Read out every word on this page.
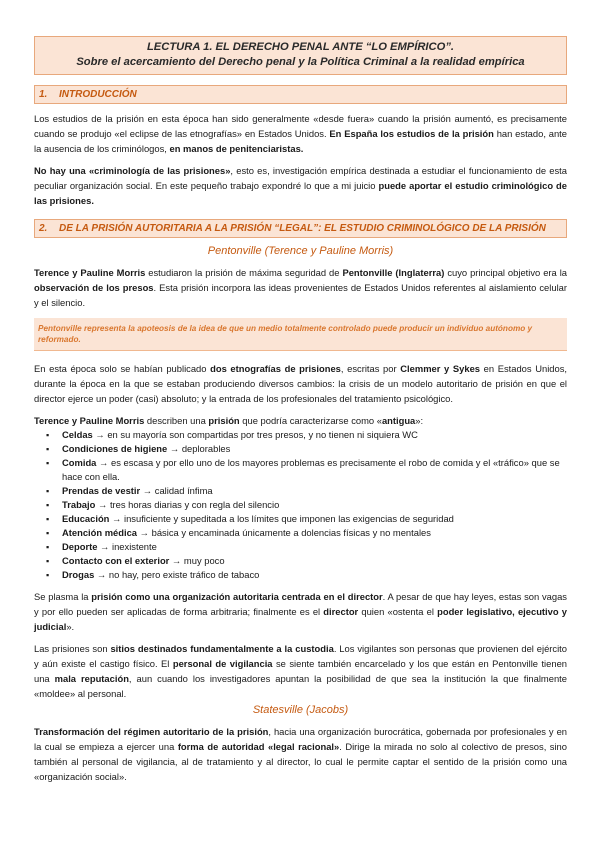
LECTURA 1. EL DERECHO PENAL ANTE “LO EMPÍRICO”.
Sobre el acercamiento del Derecho penal y la Política Criminal a la realidad empírica
1. INTRODUCCIÓN

Los estudios de la prisión en esta época han sido generalmente «desde fuera» cuando la prisión aumentó, es precisamente cuando se produjo «el eclipse de las etnografías» en Estados Unidos. En España los estudios de la prisión han estado, ante la ausencia de los criminólogos, en manos de penitenciaristas.

No hay una «criminología de las prisiones», esto es, investigación empírica destinada a estudiar el funcionamiento de esta peculiar organización social. En este pequeño trabajo expondré lo que a mi juicio puede aportar el estudio criminológico de las prisiones.

2. DE LA PRISIÓN AUTORITARIA A LA PRISIÓN “LEGAL”: EL ESTUDIO CRIMINOLÓGICO DE LA PRISIÓN
Pentonville (Terence y Pauline Morris)

Terence y Pauline Morris estudiaron la prisión de máxima seguridad de Pentonville (Inglaterra) cuyo principal objetivo era la observación de los presos. Esta prisión incorpora las ideas provenientes de Estados Unidos referentes al aislamiento celular y el silencio.

Pentonville representa la apoteosis de la idea de que un medio totalmente controlado puede producir un individuo autónomo y reformado.

En esta época solo se habían publicado dos etnografías de prisiones, escritas por Clemmer y Sykes en Estados Unidos, durante la época en la que se estaban produciendo diversos cambios: la crisis de un modelo autoritario de prisión en que el director ejerce un poder (casi) absoluto; y la entrada de los profesionales del tratamiento psicológico.

Terence y Pauline Morris describen una prisión que podría caracterizarse como «antigua»:

▪ Celdas → en su mayoría son compartidas por tres presos, y no tienen ni siquiera WC
▪ Condiciones de higiene → deplorables
▪ Comida → es escasa y por ello uno de los mayores problemas es precisamente el robo de comida y el «tráfico» que se hace con ella.
▪ Prendas de vestir → calidad ínfima
▪ Trabajo → tres horas diarias y con regla del silencio
▪ Educación → insuficiente y supeditada a los límites que imponen las exigencias de seguridad
▪ Atención médica → básica y encaminada únicamente a dolencias físicas y no mentales
▪ Deporte → inexistente
▪ Contacto con el exterior → muy poco
▪ Drogas → no hay, pero existe tráfico de tabaco

Se plasma la prisión como una organización autoritaria centrada en el director. A pesar de que hay leyes, estas son vagas y por ello pueden ser aplicadas de forma arbitraria; finalmente es el director quien «ostenta el poder legislativo, ejecutivo y judicial».

Las prisiones son sitios destinados fundamentalmente a la custodia. Los vigilantes son personas que provienen del ejército y aún existe el castigo físico. El personal de vigilancia se siente también encarcelado y los que están en Pentonville tienen una mala reputación, aun cuando los investigadores apuntan la posibilidad de que sea la institución la que finalmente «moldee» al personal.

Statesville (Jacobs)

Transformación del régimen autoritario de la prisión, hacia una organización burocrática, gobernada por profesionales y en la cual se empieza a ejercer una forma de autoridad «legal racional». Dirige la mirada no solo al colectivo de presos, sino también al personal de vigilancia, al de tratamiento y al director, lo cual le permite captar el sentido de la prisión como una «organización social».
